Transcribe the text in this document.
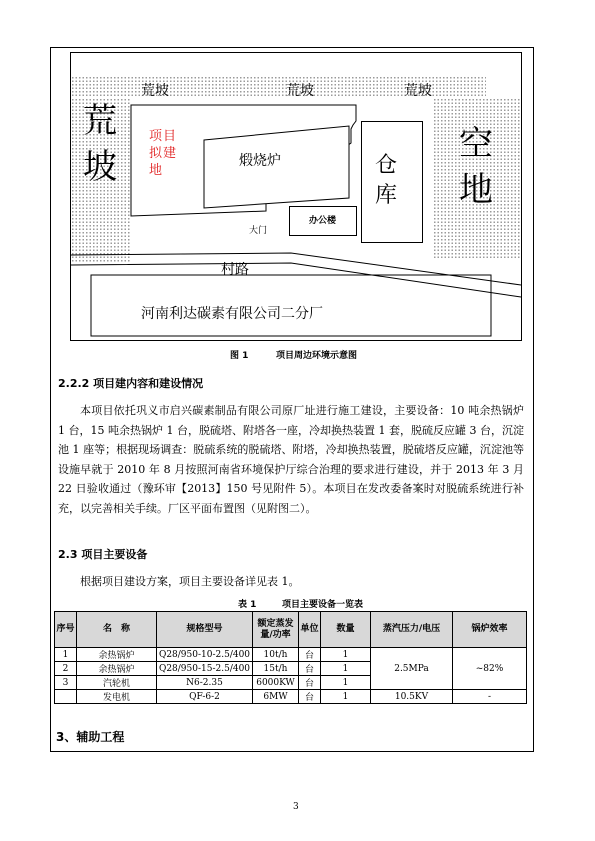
荒坡	荒坡	荒坡
荒坡
空地
项目拟建地
煅烧炉	仓库
办公楼
大门
村路
河南利达碳素有限公司二分厂
图 1	项目周边环境示意图
2.2.2 项目建内容和建设情况
本项目依托巩义市启兴碳素制品有限公司原厂址进行施工建设，主要设备：10 吨余热锅炉 1 台，15 吨余热锅炉 1 台，脱硫塔、附塔各一座，冷却换热装置 1 套，脱硫反应罐 3 台，沉淀池 1 座等；根据现场调查：脱硫系统的脱硫塔、附塔，冷却换热装置，脱硫塔反应罐，沉淀池等设施早就于 2010 年 8 月按照河南省环境保护厅综合治理的要求进行建设，并于 2013 年 3 月 22 日验收通过（豫环审【2013】150 号见附件 5）。本项目在发改委备案时对脱硫系统进行补充，以完善相关手续。厂区平面布置图（见附图二）。
2.3 项目主要设备
根据项目建设方案，项目主要设备详见表 1。
表 1	项目主要设备一览表
序号	名　称	规格型号	额定蒸发量/功率	单位	数量	蒸汽压力/电压	锅炉效率
1	余热锅炉	Q28/950-10-2.5/400	10t/h	台	1	2.5MPa	~82%
2	余热锅炉	Q28/950-15-2.5/400	15t/h	台	1		
3	汽轮机	N6-2.35	6000KW	台	1		
	发电机	QF-6-2	6MW	台	1	10.5KV	-
3、辅助工程
3
